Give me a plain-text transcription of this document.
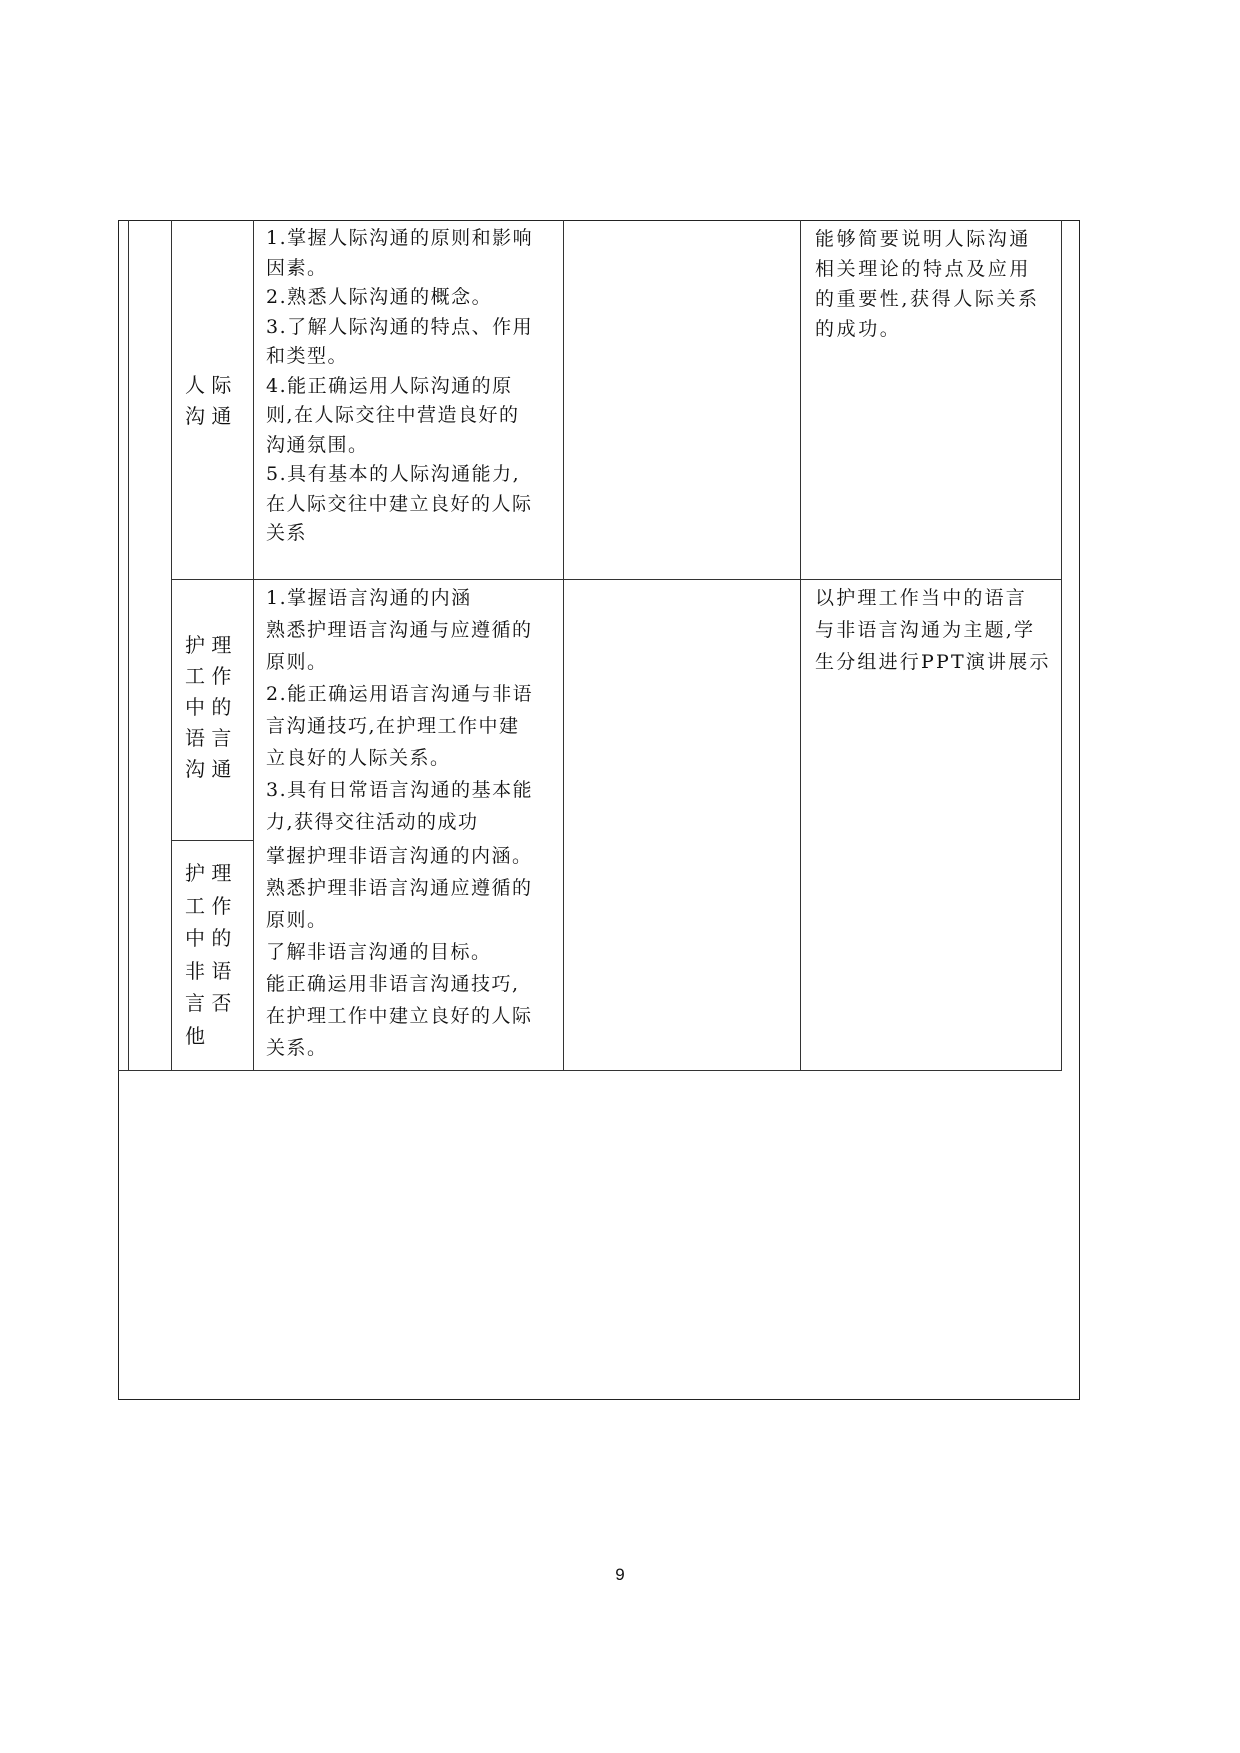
人 际
沟 通
1.掌握人际沟通的原则和影响
因素。
2.熟悉人际沟通的概念。
3.了解人际沟通的特点、作用
和类型。
4.能正确运用人际沟通的原
则,在人际交往中营造良好的
沟通氛围。
5.具有基本的人际沟通能力,
在人际交往中建立良好的人际
关系
能够简要说明人际沟通
相关理论的特点及应用
的重要性,获得人际关系
的成功。
护 理
工 作
中 的
语 言
沟 通
1.掌握语言沟通的内涵
熟悉护理语言沟通与应遵循的
原则。
2.能正确运用语言沟通与非语
言沟通技巧,在护理工作中建
立良好的人际关系。
3.具有日常语言沟通的基本能
力,获得交往活动的成功
护 理
工 作
中 的
非 语
言 否
他
掌握护理非语言沟通的内涵。
熟悉护理非语言沟通应遵循的
原则。
了解非语言沟通的目标。
能正确运用非语言沟通技巧,
在护理工作中建立良好的人际
关系。
以护理工作当中的语言
与非语言沟通为主题,学
生分组进行PPT演讲展示
9
